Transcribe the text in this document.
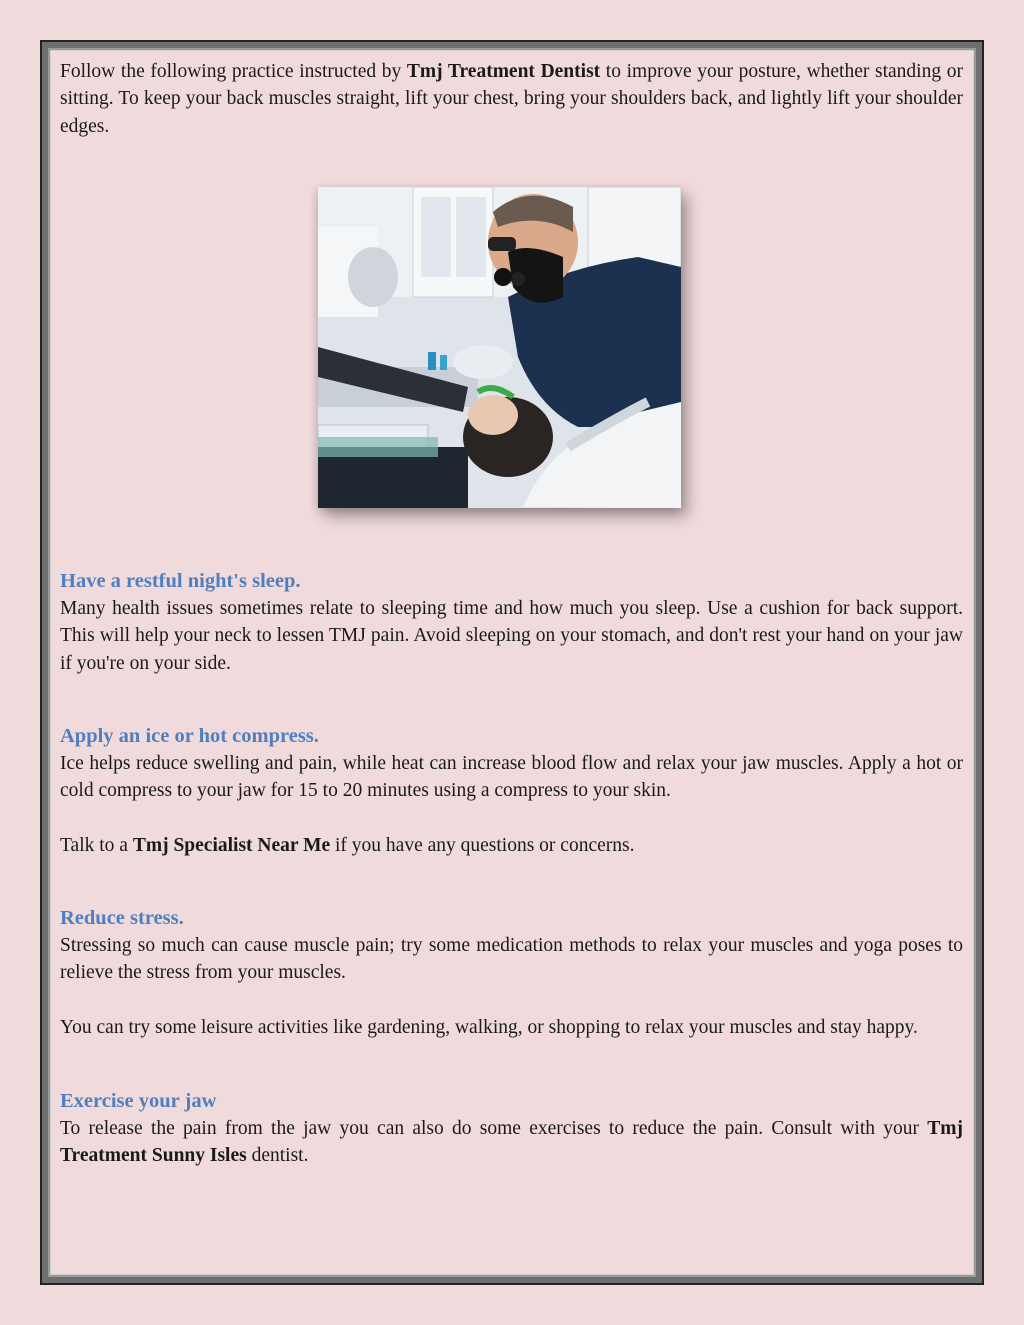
Follow the following practice instructed by Tmj Treatment Dentist to improve your posture, whether standing or sitting. To keep your back muscles straight, lift your chest, bring your shoulders back, and lightly lift your shoulder edges.

Have a restful night's sleep.

Many health issues sometimes relate to sleeping time and how much you sleep. Use a cushion for back support. This will help your neck to lessen TMJ pain. Avoid sleeping on your stomach, and don't rest your hand on your jaw if you're on your side.

Apply an ice or hot compress.

Ice helps reduce swelling and pain, while heat can increase blood flow and relax your jaw muscles. Apply a hot or cold compress to your jaw for 15 to 20 minutes using a compress to your skin.

Talk to a Tmj Specialist Near Me if you have any questions or concerns.

Reduce stress.

Stressing so much can cause muscle pain; try some medication methods to relax your muscles and yoga poses to relieve the stress from your muscles.

You can try some leisure activities like gardening, walking, or shopping to relax your muscles and stay happy.

Exercise your jaw

To release the pain from the jaw you can also do some exercises to reduce the pain. Consult with your Tmj Treatment Sunny Isles dentist.
